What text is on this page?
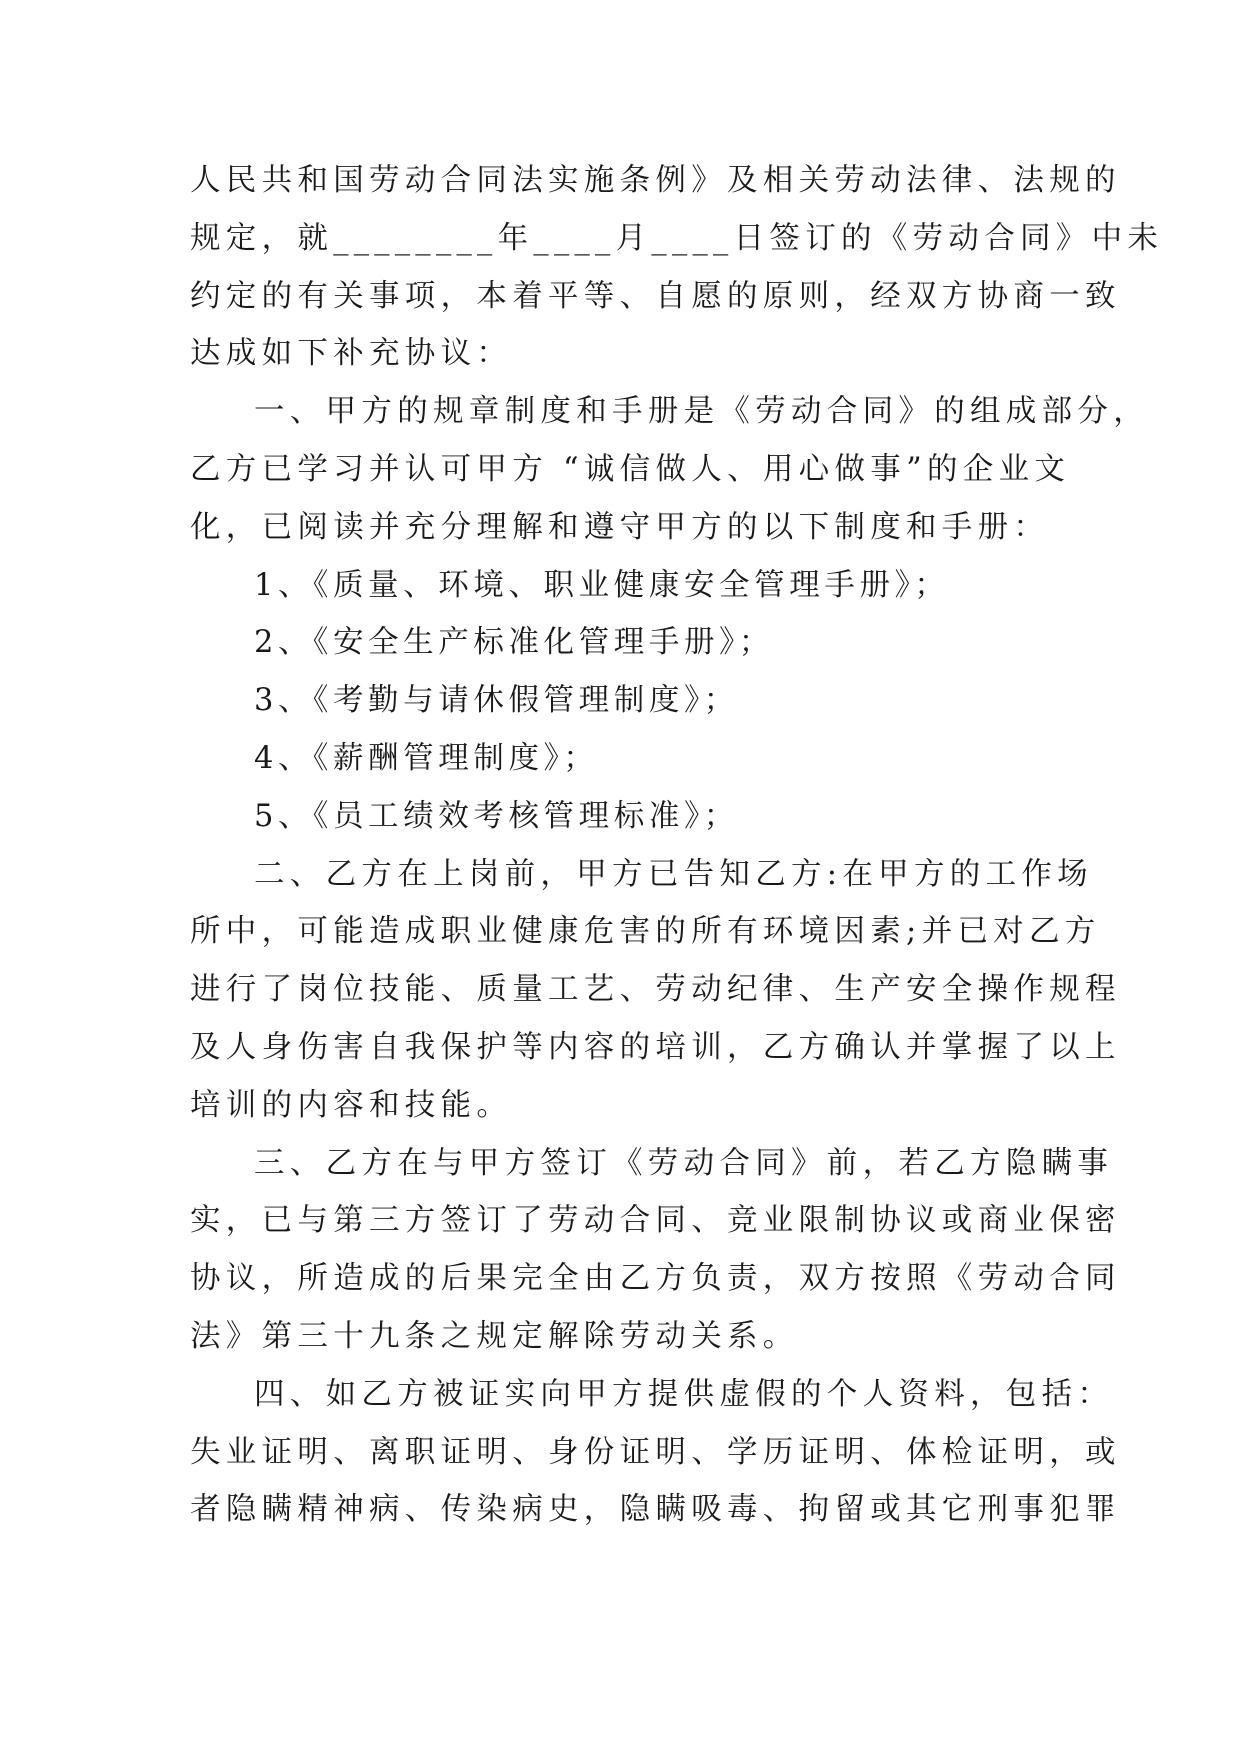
人民共和国劳动合同法实施条例》及相关劳动法律、法规的
规定，就________年____月____日签订的《劳动合同》中未
约定的有关事项，本着平等、自愿的原则，经双方协商一致
达成如下补充协议：
一、甲方的规章制度和手册是《劳动合同》的组成部分，
乙方已学习并认可甲方 “诚信做人、用心做事”的企业文
化，已阅读并充分理解和遵守甲方的以下制度和手册：
1、《质量、环境、职业健康安全管理手册》；
2、《安全生产标准化管理手册》；
3、《考勤与请休假管理制度》；
4、《薪酬管理制度》；
5、《员工绩效考核管理标准》；
二、乙方在上岗前，甲方已告知乙方:在甲方的工作场
所中，可能造成职业健康危害的所有环境因素;并已对乙方
进行了岗位技能、质量工艺、劳动纪律、生产安全操作规程
及人身伤害自我保护等内容的培训，乙方确认并掌握了以上
培训的内容和技能。
三、乙方在与甲方签订《劳动合同》前，若乙方隐瞒事
实，已与第三方签订了劳动合同、竞业限制协议或商业保密
协议，所造成的后果完全由乙方负责，双方按照《劳动合同
法》第三十九条之规定解除劳动关系。
四、如乙方被证实向甲方提供虚假的个人资料，包括：
失业证明、离职证明、身份证明、学历证明、体检证明，或
者隐瞒精神病、传染病史，隐瞒吸毒、拘留或其它刑事犯罪
